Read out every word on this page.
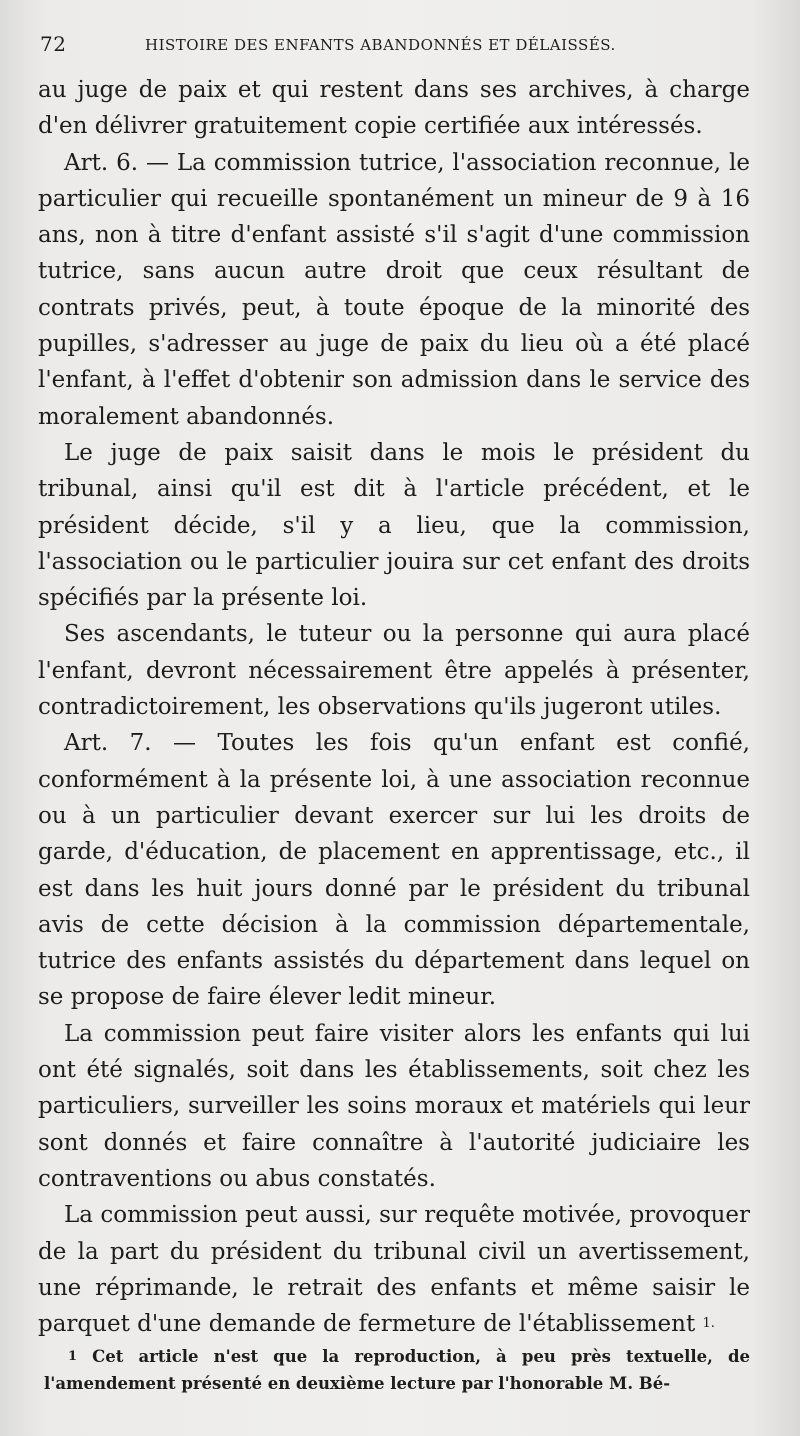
72	HISTOIRE DES ENFANTS ABANDONNÉS ET DÉLAISSÉS.

au juge de paix et qui restent dans ses archives, à charge d'en délivrer gratuitement copie certifiée aux intéressés.

Art. 6. — La commission tutrice, l'association reconnue, le particulier qui recueille spontanément un mineur de 9 à 16 ans, non à titre d'enfant assisté s'il s'agit d'une commission tutrice, sans aucun autre droit que ceux résultant de contrats privés, peut, à toute époque de la minorité des pupilles, s'adresser au juge de paix du lieu où a été placé l'enfant, à l'effet d'obtenir son admission dans le service des moralement abandonnés.

Le juge de paix saisit dans le mois le président du tribunal, ainsi qu'il est dit à l'article précédent, et le président décide, s'il y a lieu, que la commission, l'association ou le particulier jouira sur cet enfant des droits spécifiés par la présente loi.

Ses ascendants, le tuteur ou la personne qui aura placé l'enfant, devront nécessairement être appelés à présenter, contradictoirement, les observations qu'ils jugeront utiles.

Art. 7. — Toutes les fois qu'un enfant est confié, conformément à la présente loi, à une association reconnue ou à un particulier devant exercer sur lui les droits de garde, d'éducation, de placement en apprentissage, etc., il est dans les huit jours donné par le président du tribunal avis de cette décision à la commission départementale, tutrice des enfants assistés du département dans lequel on se propose de faire élever ledit mineur.

La commission peut faire visiter alors les enfants qui lui ont été signalés, soit dans les établissements, soit chez les particuliers, surveiller les soins moraux et matériels qui leur sont donnés et faire connaître à l'autorité judiciaire les contraventions ou abus constatés.

La commission peut aussi, sur requête motivée, provoquer de la part du président du tribunal civil un avertissement, une réprimande, le retrait des enfants et même saisir le parquet d'une demande de fermeture de l'établissement $^{1.}$

$^1$ Cet article n'est que la reproduction, à peu près textuelle, de l'amendement présenté en deuxième lecture par l'honorable M. Bé-
